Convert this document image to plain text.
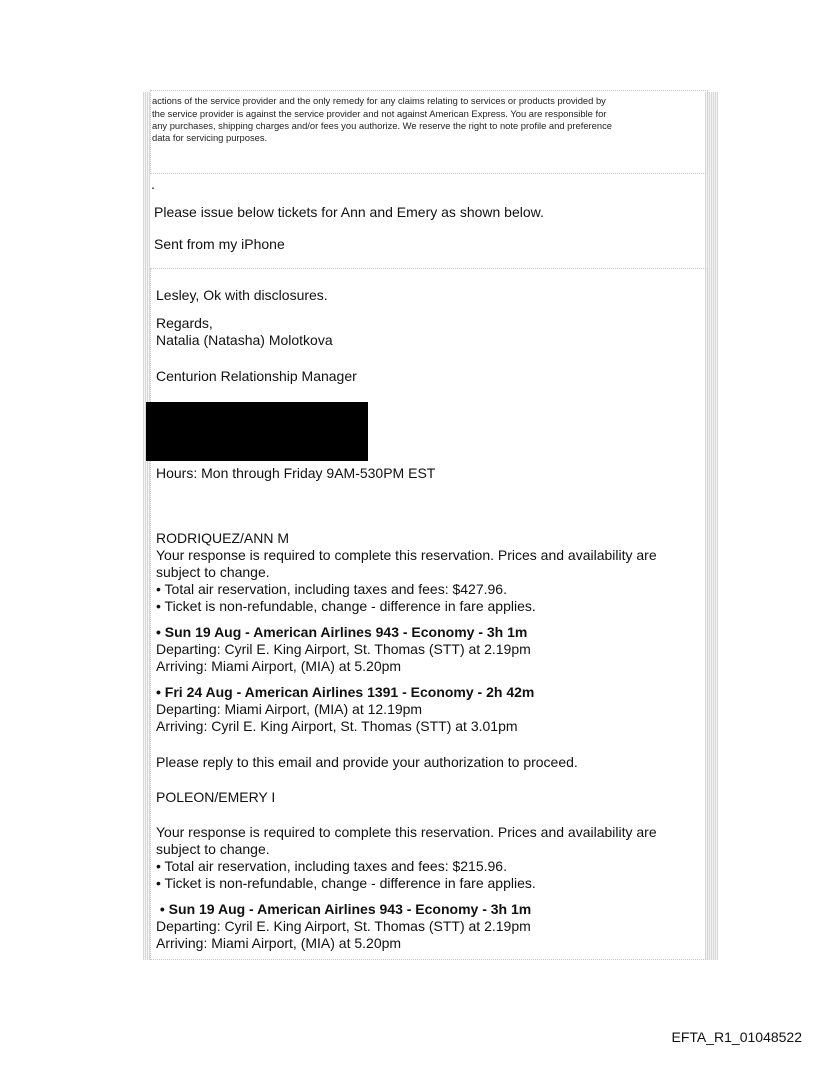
actions of the service provider and the only remedy for any claims relating to services or products provided by
the service provider is against the service provider and not against American Express. You are responsible for
any purchases, shipping charges and/or fees you authorize. We reserve the right to note profile and preference
data for servicing purposes.
.
Please issue below tickets for Ann and Emery as shown below.
Sent from my iPhone
Lesley, Ok with disclosures.
Regards,
Natalia (Natasha) Molotkova
Centurion Relationship Manager
Hours: Mon through Friday 9AM-530PM EST
RODRIQUEZ/ANN M
Your response is required to complete this reservation. Prices and availability are
subject to change.
• Total air reservation, including taxes and fees: $427.96.
• Ticket is non-refundable, change - difference in fare applies.
• Sun 19 Aug - American Airlines 943 - Economy - 3h 1m
Departing: Cyril E. King Airport, St. Thomas (STT) at 2.19pm
Arriving: Miami Airport, (MIA) at 5.20pm
• Fri 24 Aug - American Airlines 1391 - Economy - 2h 42m
Departing: Miami Airport, (MIA) at 12.19pm
Arriving: Cyril E. King Airport, St. Thomas (STT) at 3.01pm
Please reply to this email and provide your authorization to proceed.
POLEON/EMERY I
Your response is required to complete this reservation. Prices and availability are
subject to change.
• Total air reservation, including taxes and fees: $215.96.
• Ticket is non-refundable, change - difference in fare applies.
• Sun 19 Aug - American Airlines 943 - Economy - 3h 1m
Departing: Cyril E. King Airport, St. Thomas (STT) at 2.19pm
Arriving: Miami Airport, (MIA) at 5.20pm
EFTA_R1_01048522
